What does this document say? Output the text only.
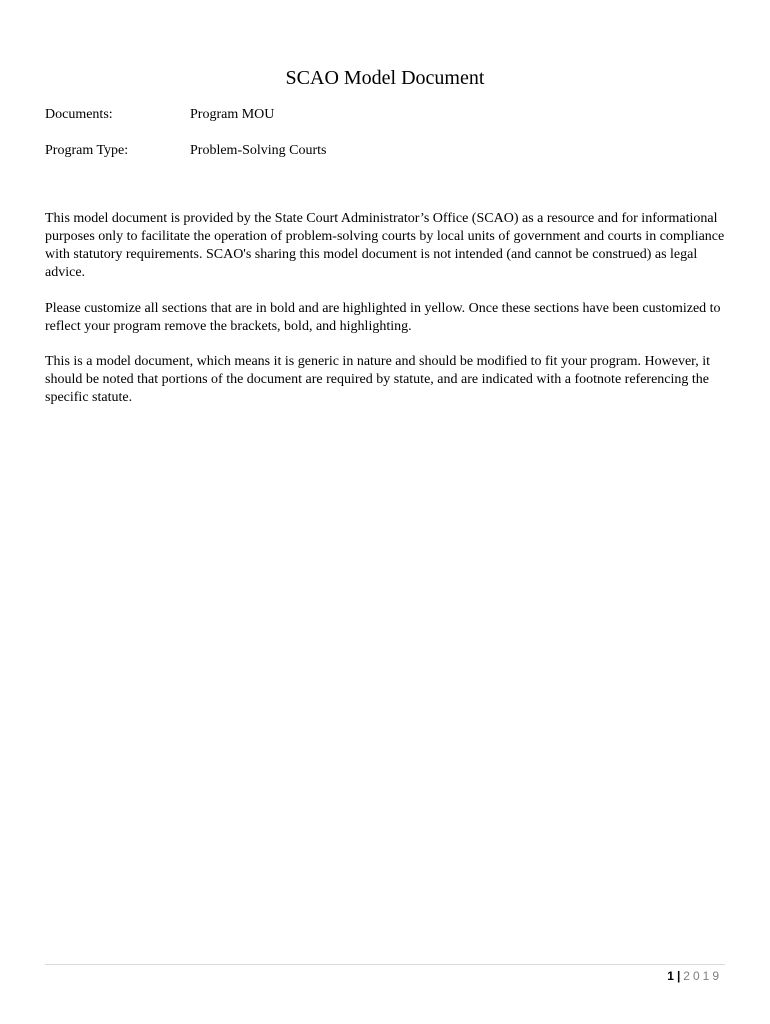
SCAO Model Document
Documents:	Program MOU
Program Type:	Problem-Solving Courts

This model document is provided by the State Court Administrator’s Office (SCAO) as a resource and for informational purposes only to facilitate the operation of problem-solving courts by local units of government and courts in compliance with statutory requirements. SCAO's sharing this model document is not intended (and cannot be construed) as legal advice.

Please customize all sections that are in bold and are highlighted in yellow. Once these sections have been customized to reflect your program remove the brackets, bold, and highlighting.

This is a model document, which means it is generic in nature and should be modified to fit your program. However, it should be noted that portions of the document are required by statute, and are indicated with a footnote referencing the specific statute.

1 | 2019
